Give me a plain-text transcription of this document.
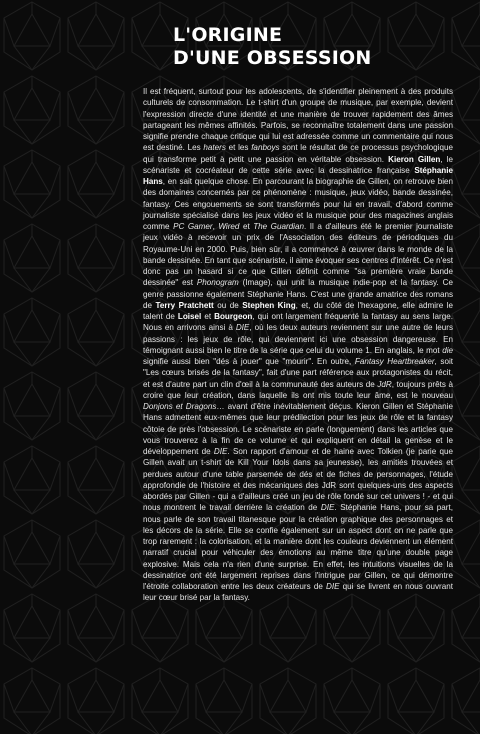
L'ORIGINE
D'UNE OBSESSION

Il est fréquent, surtout pour les adolescents, de s'identifier pleinement à des produits culturels de consommation. Le t-shirt d'un groupe de musique, par exemple, devient l'expression directe d'une identité et une manière de trouver rapidement des âmes partageant les mêmes affinités. Parfois, se reconnaître totalement dans une passion signifie prendre chaque critique qui lui est adressée comme un commentaire qui nous est destiné. Les haters et les fanboys sont le résultat de ce processus psychologique qui transforme petit à petit une passion en véritable obsession. Kieron Gillen, le scénariste et cocréateur de cette série avec la dessinatrice française Stéphanie Hans, en sait quelque chose. En parcourant la biographie de Gillen, on retrouve bien des domaines concernés par ce phénomène : musique, jeux vidéo, bande dessinée, fantasy. Ces engouements se sont transformés pour lui en travail, d'abord comme journaliste spécialisé dans les jeux vidéo et la musique pour des magazines anglais comme PC Gamer, Wired et The Guardian. Il a d'ailleurs été le premier journaliste jeux vidéo à recevoir un prix de l'Association des éditeurs de périodiques du Royaume-Uni en 2000. Puis, bien sûr, il a commencé à œuvrer dans le monde de la bande dessinée. En tant que scénariste, il aime évoquer ses centres d'intérêt. Ce n'est donc pas un hasard si ce que Gillen définit comme "sa première vraie bande dessinée" est Phonogram (Image), qui unit la musique indie-pop et la fantasy. Ce genre passionne également Stéphanie Hans. C'est une grande amatrice des romans de Terry Pratchett ou de Stephen King, et, du côté de l'hexagone, elle admire le talent de Loisel et Bourgeon, qui ont largement fréquenté la fantasy au sens large. Nous en arrivons ainsi à DIE, où les deux auteurs reviennent sur une autre de leurs passions : les jeux de rôle, qui deviennent ici une obsession dangereuse. En témoignant aussi bien le titre de la série que celui du volume 1. En anglais, le mot die signifie aussi bien "dés à jouer" que "mourir". En outre, Fantasy Heartbreaker, soit "Les cœurs brisés de la fantasy", fait d'une part référence aux protagonistes du récit, et est d'autre part un clin d'œil à la communauté des auteurs de JdR, toujours prêts à croire que leur création, dans laquelle ils ont mis toute leur âme, est le nouveau Donjons et Dragons… avant d'être inévitablement déçus. Kieron Gillen et Stéphanie Hans admettent eux-mêmes que leur prédilection pour les jeux de rôle et la fantasy côtoie de près l'obsession. Le scénariste en parle (longuement) dans les articles que vous trouverez à la fin de ce volume et qui expliquent en détail la genèse et le développement de DIE. Son rapport d'amour et de haine avec Tolkien (je parie que Gillen avait un t-shirt de Kill Your Idols dans sa jeunesse), les amitiés trouvées et perdues autour d'une table parsemée de dés et de fiches de personnages, l'étude approfondie de l'histoire et des mécaniques des JdR sont quelques-uns des aspects abordés par Gillen - qui a d'ailleurs créé un jeu de rôle fondé sur cet univers ! - et qui nous montrent le travail derrière la création de DIE. Stéphanie Hans, pour sa part, nous parle de son travail titanesque pour la création graphique des personnages et les décors de la série. Elle se confie également sur un aspect dont on ne parle que trop rarement : la colorisation, et la manière dont les couleurs deviennent un élément narratif crucial pour véhiculer des émotions au même titre qu'une double page explosive. Mais cela n'a rien d'une surprise. En effet, les intuitions visuelles de la dessinatrice ont été largement reprises dans l'intrigue par Gillen, ce qui démontre l'étroite collaboration entre les deux créateurs de DIE qui se livrent en nous ouvrant leur cœur brisé par la fantasy.
